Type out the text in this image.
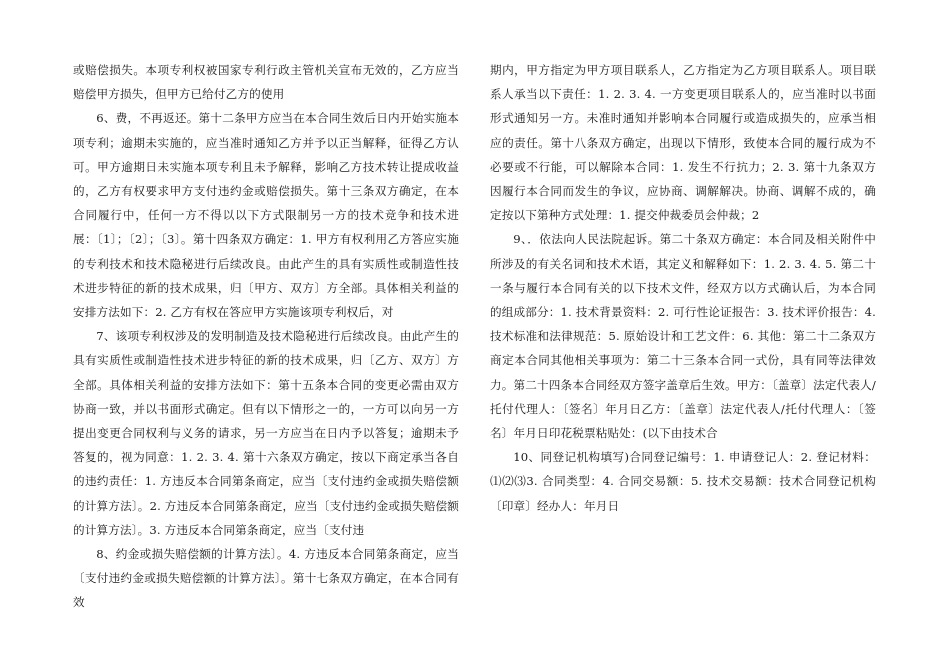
或赔偿损失。本项专利权被国家专利行政主管机关宣布无效的，乙方应当赔偿甲方损失，但甲方已给付乙方的使用

6、费，不再返还。第十二条甲方应当在本合同生效后日内开始实施本项专利；逾期未实施的，应当准时通知乙方并予以正当解释，征得乙方认可。甲方逾期日未实施本项专利且未予解释，影响乙方技术转让提成收益的，乙方有权要求甲方支付违约金或赔偿损失。第十三条双方确定，在本合同履行中，任何一方不得以以下方式限制另一方的技术竞争和技术进展：〔1〕；〔2〕；〔3〕。第十四条双方确定：1. 甲方有权利用乙方答应实施的专利技术和技术隐秘进行后续改良。由此产生的具有实质性或制造性技术进步特征的新的技术成果，归〔甲方、双方〕方全部。具体相关利益的安排方法如下：2. 乙方有权在答应甲方实施该项专利权后，对

7、该项专利权涉及的发明制造及技术隐秘进行后续改良。由此产生的具有实质性或制造性技术进步特征的新的技术成果，归〔乙方、双方〕方全部。具体相关利益的安排方法如下：第十五条本合同的变更必需由双方协商一致，并以书面形式确定。但有以下情形之一的，一方可以向另一方提出变更合同权利与义务的请求，另一方应当在日内予以答复；逾期未予答复的，视为同意：1. 2. 3. 4. 第十六条双方确定，按以下商定承当各自的违约责任：1. 方违反本合同第条商定，应当〔支付违约金或损失赔偿额的计算方法〕。2. 方违反本合同第条商定，应当〔支付违约金或损失赔偿额的计算方法〕。3. 方违反本合同第条商定，应当〔支付违

8、约金或损失赔偿额的计算方法〕。4. 方违反本合同第条商定，应当〔支付违约金或损失赔偿额的计算方法〕。第十七条双方确定，在本合同有效

期内，甲方指定为甲方项目联系人，乙方指定为乙方项目联系人。项目联系人承当以下责任：1. 2. 3. 4. 一方变更项目联系人的，应当准时以书面形式通知另一方。未准时通知并影响本合同履行或造成损失的，应承当相应的责任。第十八条双方确定，出现以下情形，致使本合同的履行成为不必要或不行能，可以解除本合同：1. 发生不行抗力；2. 3. 第十九条双方因履行本合同而发生的争议，应协商、调解解决。协商、调解不成的，确定按以下第种方式处理：1. 提交仲裁委员会仲裁；2

9、．依法向人民法院起诉。第二十条双方确定：本合同及相关附件中所涉及的有关名词和技术术语，其定义和解释如下：1. 2. 3. 4. 5. 第二十一条与履行本合同有关的以下技术文件，经双方以方式确认后，为本合同的组成部分：1. 技术背景资料：2. 可行性论证报告：3. 技术评价报告：4. 技术标准和法律规范：5. 原始设计和工艺文件：6. 其他：第二十二条双方商定本合同其他相关事项为：第二十三条本合同一式份，具有同等法律效力。第二十四条本合同经双方签字盖章后生效。甲方：〔盖章〕法定代表人/托付代理人：〔签名〕年月日乙方：〔盖章〕法定代表人/托付代理人：〔签名〕年月日印花税票粘贴处：(以下由技术合

10、同登记机构填写)合同登记编号：1. 申请登记人：2. 登记材料：⑴⑵⑶3. 合同类型：4. 合同交易额：5. 技术交易额：技术合同登记机构〔印章〕经办人：年月日
